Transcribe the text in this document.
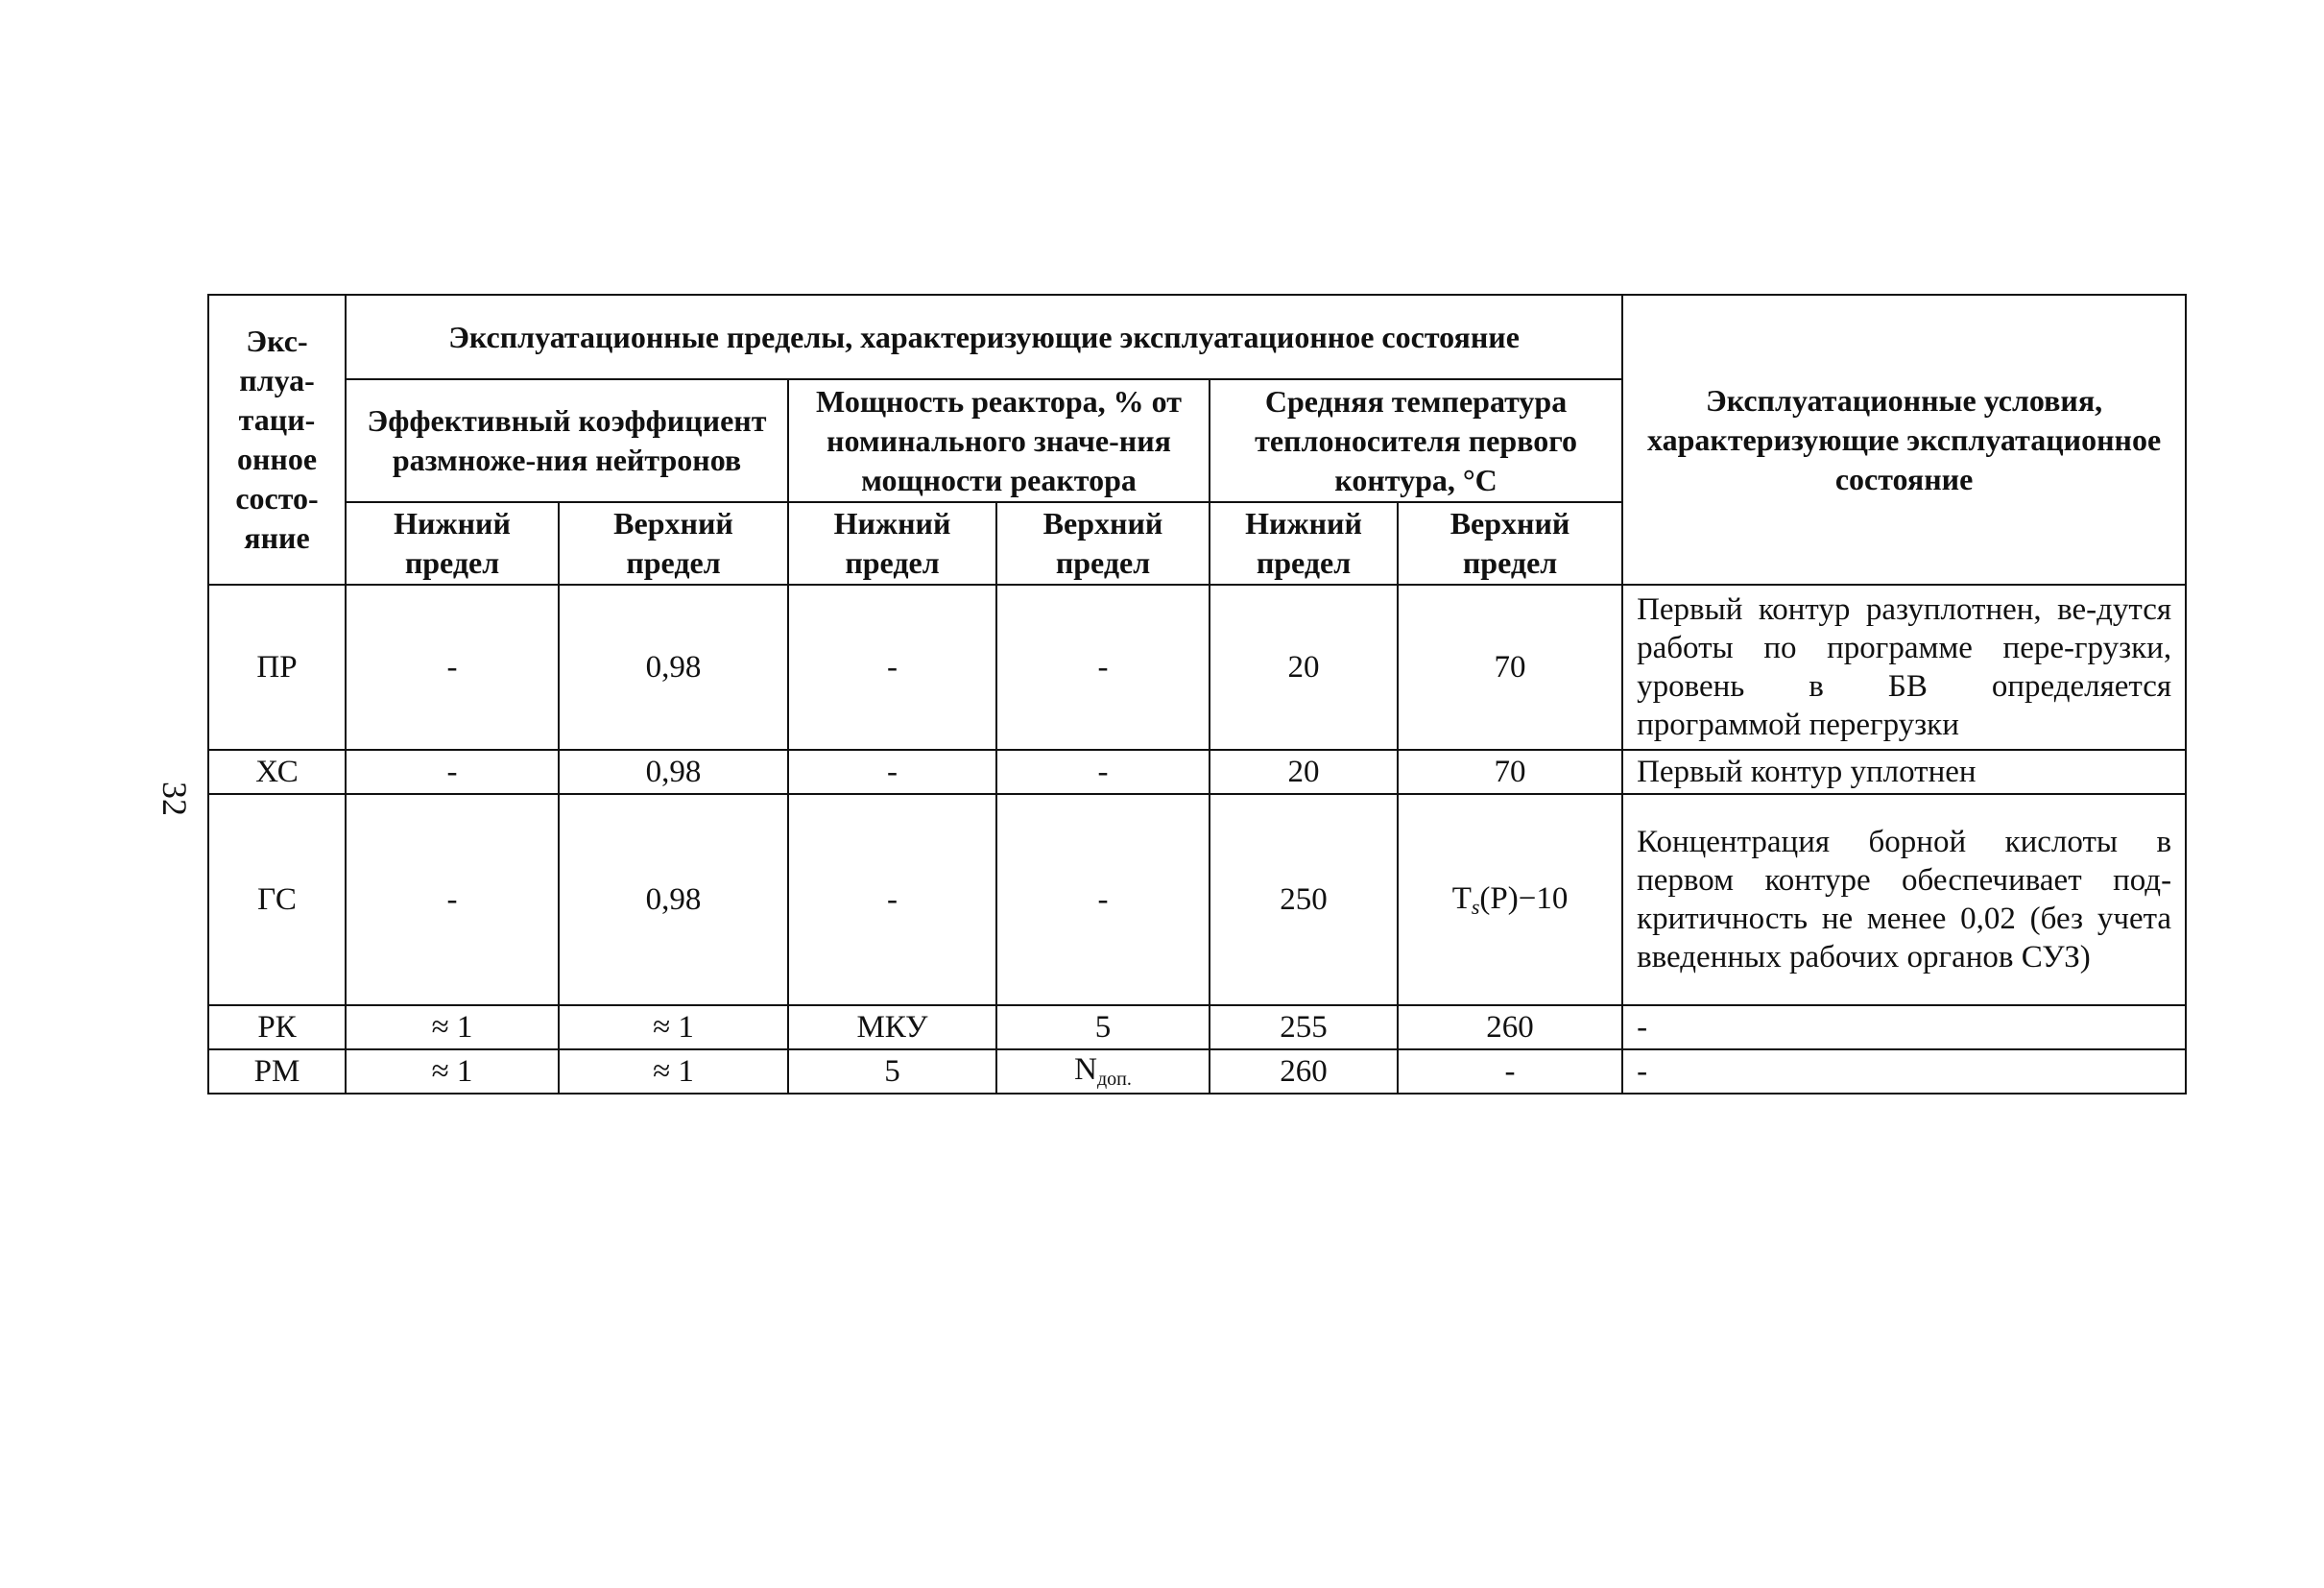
32
Экс-плуа-таци-онное состо-яние	Эксплуатационные пределы, характеризующие эксплуатационное состояние						Эксплуатационные условия, характеризующие эксплуатационное состояние
	Эффективный коэффициент размноже-ния нейтронов		Мощность реактора, % от номинального значе-ния мощности реактора		Средняя температура теплоносителя первого контура, °С		
	Нижний предел	Верхний предел	Нижний предел	Верхний предел	Нижний предел	Верхний предел	
ПР	-	0,98	-	-	20	70	Первый контур разуплотнен, ве-дутся работы по программе пере-грузки, уровень в БВ определяется программой перегрузки
ХС	-	0,98	-	-	20	70	Первый контур уплотнен
ГС	-	0,98	-	-	250	Ts(P)−10	Концентрация борной кислоты в первом контуре обеспечивает под-критичность не менее 0,02 (без учета введенных рабочих органов СУЗ)
РК	≈ 1	≈ 1	МКУ	5	255	260	-
РМ	≈ 1	≈ 1	5	$N_{доп.}$	260	-	-
